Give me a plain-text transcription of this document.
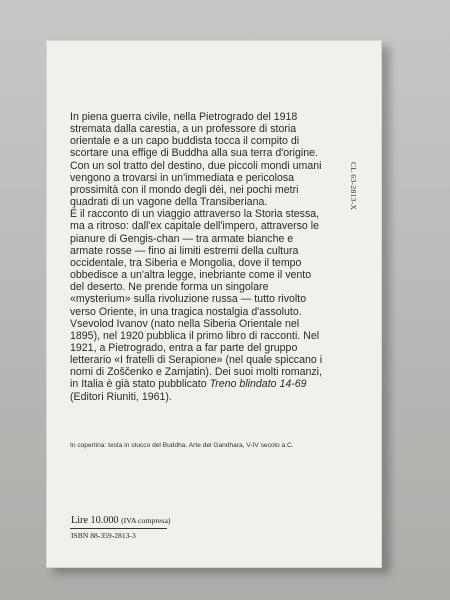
CL 63-2813-X

In piena guerra civile, nella Pietrogrado del 1918 stremata dalla carestia, a un professore di storia orientale e a un capo buddista tocca il compito di scortare una effige di Buddha alla sua terra d'origine. Con un sol tratto del destino, due piccoli mondi umani vengono a trovarsi in un'immediata e pericolosa prossimità con il mondo degli dèi, nei pochi metri quadrati di un vagone della Transiberiana.

È il racconto di un viaggio attraverso la Storia stessa, ma a ritroso: dall'ex capitale dell'impero, attraverso le pianure di Gengis-chan — tra armate bianche e armate rosse — fino ai limiti estremi della cultura occidentale, tra Siberia e Mongolia, dove il tempo obbedisce a un'altra legge, inebriante come il vento del deserto. Ne prende forma un singolare «mysterium» sulla rivoluzione russa — tutto rivolto verso Oriente, in una tragica nostalgia d'assoluto.

Vsevolod Ivanov (nato nella Siberia Orientale nel 1895), nel 1920 pubblica il primo libro di racconti. Nel 1921, a Pietrogrado, entra a far parte del gruppo letterario «I fratelli di Serapione» (nel quale spiccano i nomi di Zoščenko e Zamjatin). Dei suoi molti romanzi, in Italia è già stato pubblicato Treno blindato 14-69 (Editori Riuniti, 1961).

In copertina: testa in stucco del Buddha. Arte del Gandhara, V-IV secolo a.C.
Lire 10.000 (IVA compresa)
ISBN 88-359-2813-3
